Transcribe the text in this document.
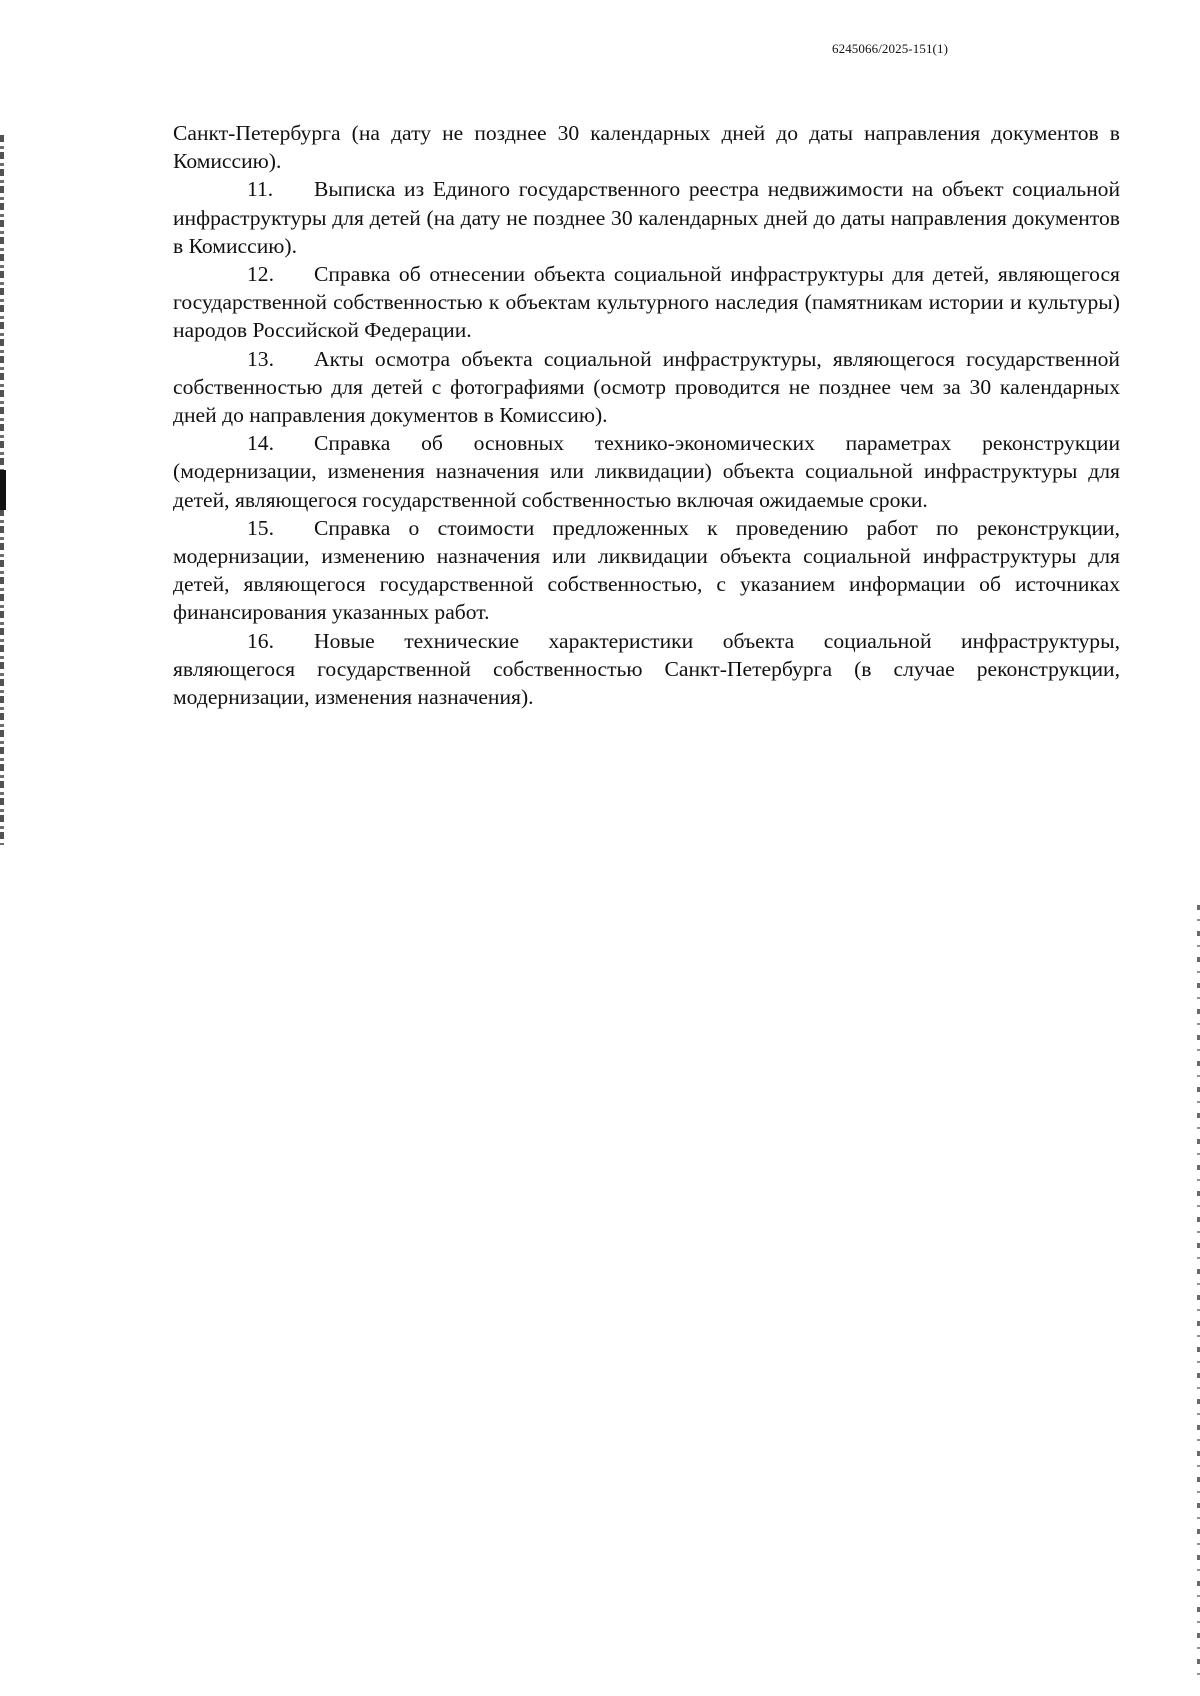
6245066/2025-151(1)

Санкт-Петербурга (на дату не позднее 30 календарных дней до даты направления документов в Комиссию).

11. Выписка из Единого государственного реестра недвижимости на объект социальной инфраструктуры для детей (на дату не позднее 30 календарных дней до даты направления документов в Комиссию).

12. Справка об отнесении объекта социальной инфраструктуры для детей, являющегося государственной собственностью к объектам культурного наследия (памятникам истории и культуры) народов Российской Федерации.

13. Акты осмотра объекта социальной инфраструктуры, являющегося государственной собственностью для детей с фотографиями (осмотр проводится не позднее чем за 30 календарных дней до направления документов в Комиссию).

14. Справка об основных технико-экономических параметрах реконструкции (модернизации, изменения назначения или ликвидации) объекта социальной инфраструктуры для детей, являющегося государственной собственностью включая ожидаемые сроки.

15. Справка о стоимости предложенных к проведению работ по реконструкции, модернизации, изменению назначения или ликвидации объекта социальной инфраструктуры для детей, являющегося государственной собственностью, с указанием информации об источниках финансирования указанных работ.

16. Новые технические характеристики объекта социальной инфраструктуры, являющегося государственной собственностью Санкт-Петербурга (в случае реконструкции, модернизации, изменения назначения).
